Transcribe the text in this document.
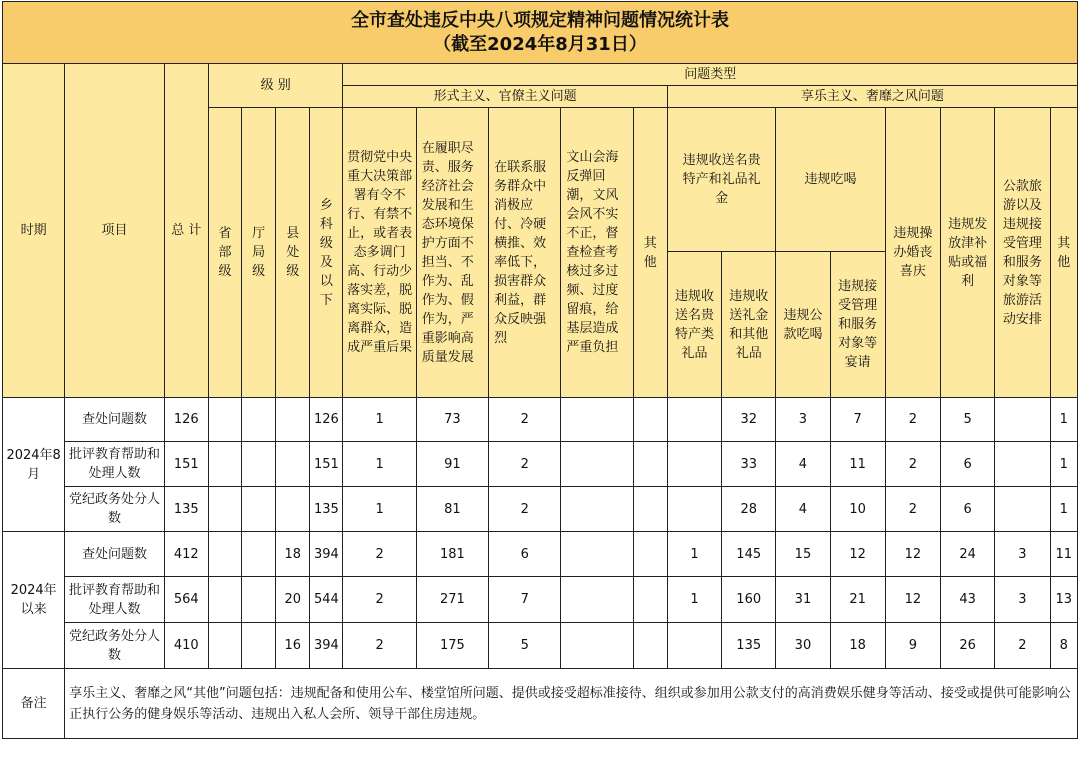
全市查处违反中央八项规定精神问题情况统计表
（截至2024年8月31日）																			

时期	项目	总 计	级 别				问题类型												
							形式主义、官僚主义问题					享乐主义、奢靡之风问题							
			省部级	厅局级	县处级	乡科级及以下	贯彻党中央重大决策部署有令不行、有禁不止，或者表态多调门高、行动少落实差，脱离实际、脱离群众，造成严重后果	在履职尽责、服务经济社会发展和生态环境保护方面不担当、不作为、乱作为、假作为，严重影响高质量发展	在联系服务群众中消极应付、冷硬横推、效率低下，损害群众利益，群众反映强烈	文山会海反弹回潮，文风会风不实不正，督查检查考核过多过频、过度留痕，给基层造成严重负担	其他	违规收送名贵特产和礼品礼金		违规吃喝		违规操办婚丧喜庆	违规发放津补贴或福利	公款旅游以及违规接受管理和服务对象等旅游活动安排	其他

												违规收送名贵特产类礼品	违规收送礼金和其他礼品	违规公款吃喝	违规接受管理和服务对象等宴请				
2024年8月	查处问题数	126				126	1	73	2				32	3	7	2	5		1
	批评教育帮助和处理人数	151				151	1	91	2				33	4	11	2	6		1
	党纪政务处分人数	135				135	1	81	2				28	4	10	2	6		1
2024年以来	查处问题数	412			18	394	2	181	6			1	145	15	12	12	24	3	11
	批评教育帮助和处理人数	564			20	544	2	271	7			1	160	31	21	12	43	3	13
	党纪政务处分人数	410			16	394	2	175	5				135	30	18	9	26	2	8
备注	享乐主义、奢靡之风“其他”问题包括：违规配备和使用公车、楼堂馆所问题、提供或接受超标准接待、组织或参加用公款支付的高消费娱乐健身等活动、接受或提供可能影响公正执行公务的健身娱乐等活动、违规出入私人会所、领导干部住房违规。																		
